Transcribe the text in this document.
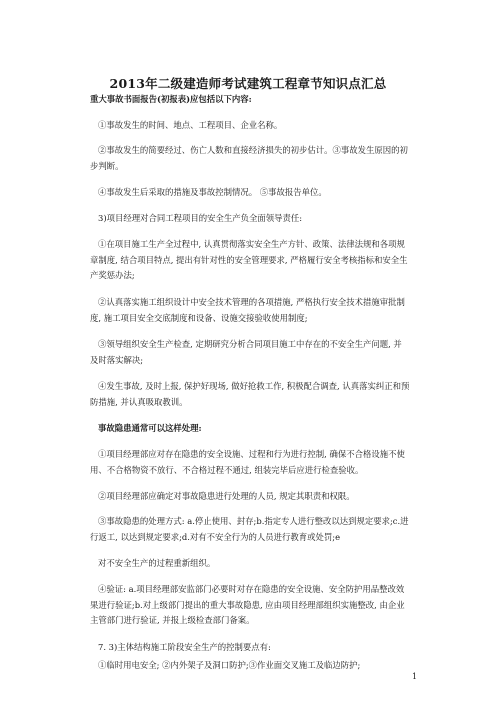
2013年二级建造师考试建筑工程章节知识点汇总
重大事故书面报告(初报表)应包括以下内容:
①事故发生的时间、地点、工程项目、企业名称。
②事故发生的简要经过、伤亡人数和直接经济损失的初步估计。③事故发生原因的初步判断。
④事故发生后采取的措施及事故控制情况。 ⑤事故报告单位。
3)项目经理对合同工程项目的安全生产负全面领导责任:
①在项目施工生产全过程中, 认真贯彻落实安全生产方针、政策、法律法规和各项规章制度, 结合项目特点, 提出有针对性的安全管理要求, 严格履行安全考核指标和安全生产奖惩办法;
②认真落实施工组织设计中安全技术管理的各项措施, 严格执行安全技术措施审批制度, 施工项目安全交底制度和设备、设施交接验收使用制度;
③领导组织安全生产检查, 定期研究分析合同项目施工中存在的不安全生产问题, 并及时落实解决;
④发生事故, 及时上报, 保护好现场, 做好抢救工作, 积极配合调查, 认真落实纠正和预防措施, 并认真吸取教训。
事故隐患通常可以这样处理:
①项目经理部应对存在隐患的安全设施、过程和行为进行控制, 确保不合格设施不使用、不合格物资不放行、不合格过程不通过, 组装完毕后应进行检查验收。
②项目经理部应确定对事故隐患进行处理的人员, 规定其职责和权限。
③事故隐患的处理方式: a.停止使用、封存;b.指定专人进行整改以达到规定要求;c.进行返工, 以达到规定要求;d.对有不安全行为的人员进行教育或处罚;e
对不安全生产的过程重新组织。
④验证: a.项目经理部安监部门必要时对存在隐患的安全设施、安全防护用品整改效果进行验证;b.对上级部门提出的重大事故隐患, 应由项目经理部组织实施整改, 由企业主管部门进行验证, 并报上级检查部门备案。
7. 3)主体结构施工阶段安全生产的控制要点有:
①临时用电安全; ②内外架子及洞口防护;③作业面交叉施工及临边防护;
1
